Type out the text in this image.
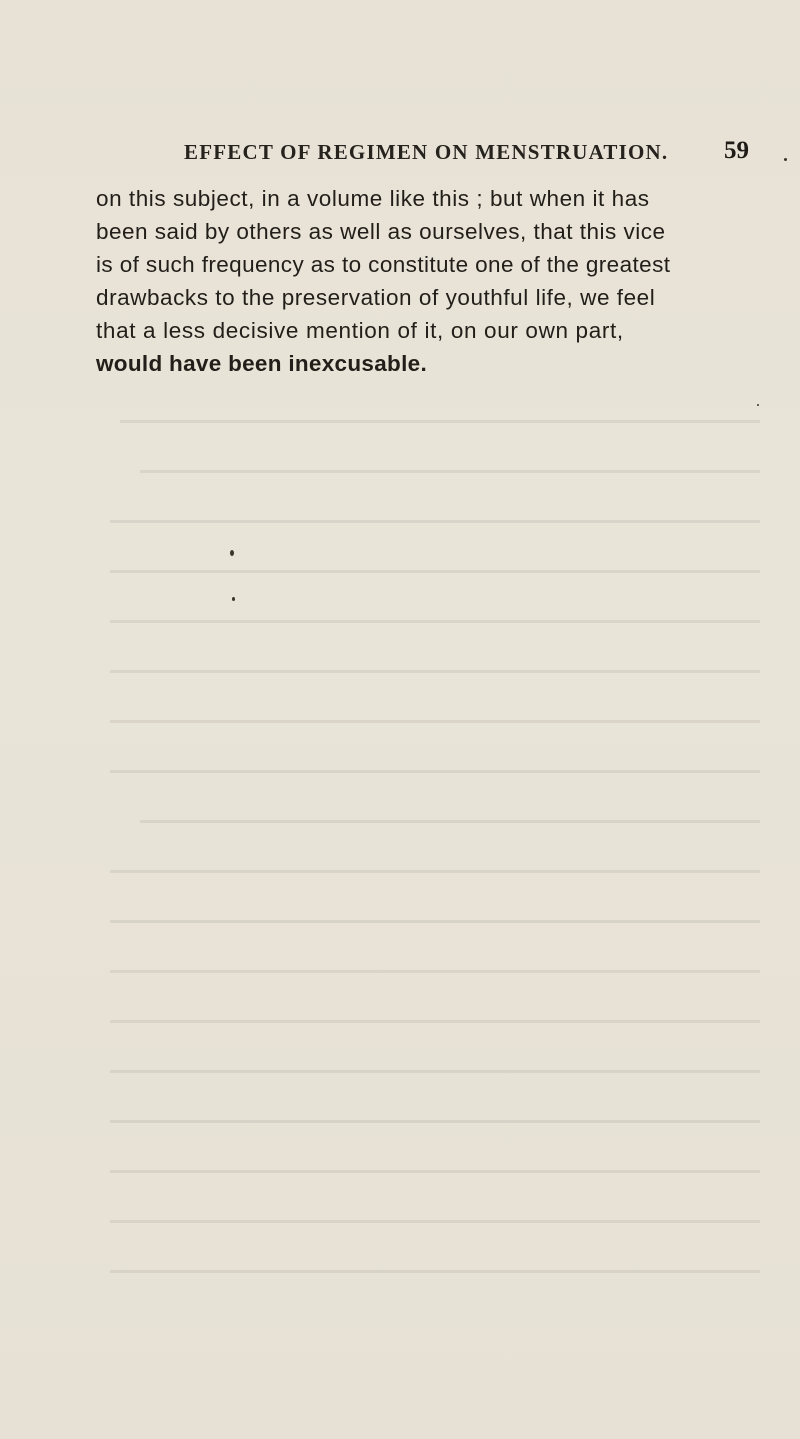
EFFECT OF REGIMEN ON MENSTRUATION. 59
on this subject, in a volume like this ; but when it has
been said by others as well as ourselves, that this vice
is of such frequency as to constitute one of the greatest
drawbacks to the preservation of youthful life, we feel
that a less decisive mention of it, on our own part,
would have been inexcusable.
